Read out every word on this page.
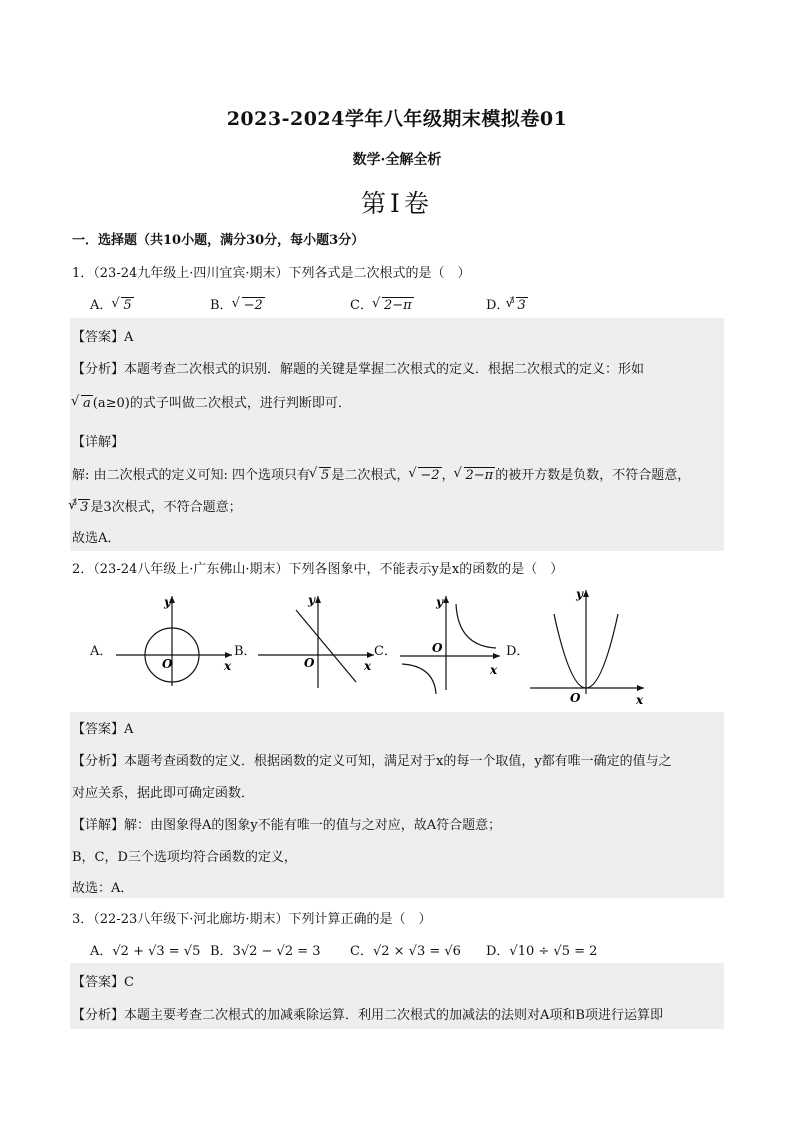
2023-2024学年八年级期末模拟卷01
数学·全解全析
第Ⅰ卷
一．选择题（共10小题，满分30分，每小题3分）
1．（23-24九年级上·四川宜宾·期末）下列各式是二次根式的是（　）
A． √ 5	B． √ −2	C． √ 2−π	D．$^3$ √ 3
【答案】A
【分析】本题考查二次根式的识别．解题的关键是掌握二次根式的定义．根据二次根式的定义：形如
√ a (a≥0)的式子叫做二次根式，进行判断即可．
【详解】
解: 由二次根式的定义可知: 四个选项只有 √ 5 是二次根式， √ −2 ， √ 2−π 的被开方数是负数，不符合题意，
$^3$ √ 3 是3次根式，不符合题意；
故选A．
2．（23-24八年级上·广东佛山·期末）下列各图象中，不能表示y是x的函数的是（　）
A．	B．	C．	D．
y
x
O
y
x
O
y
x
O
y
x
O
【答案】A
【分析】本题考查函数的定义．根据函数的定义可知，满足对于x的每一个取值，y都有唯一确定的值与之
对应关系，据此即可确定函数．
【详解】解：由图象得A的图象y不能有唯一的值与之对应，故A符合题意；
B，C，D三个选项均符合函数的定义，
故选：A．
3．（22-23八年级下·河北廊坊·期末）下列计算正确的是（　）
A．√2 + √3 = √5 B．3√2 − √2 = 3 C．√2 × √3 = √6 D．√10 ÷ √5 = 2
【答案】C
【分析】本题主要考查二次根式的加减乘除运算．利用二次根式的加减法的法则对A项和B项进行运算即
